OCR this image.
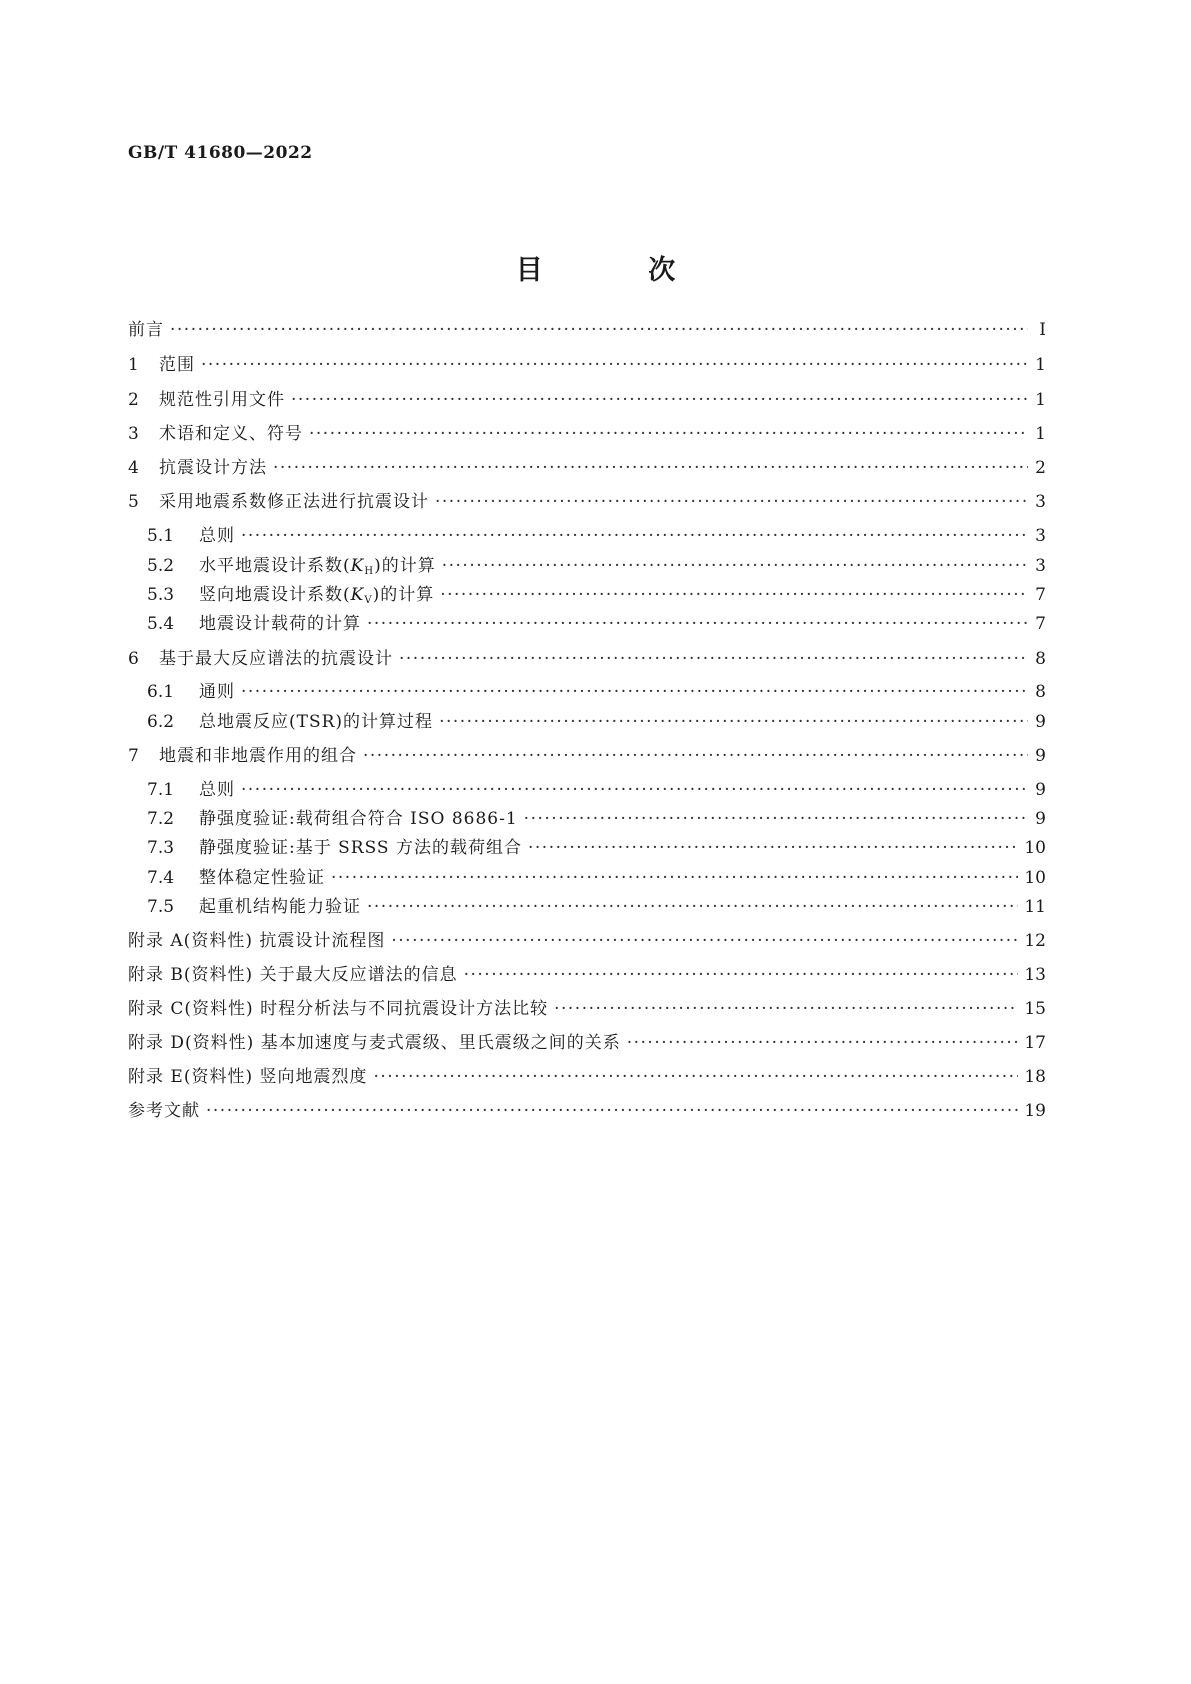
GB/T 41680—2022
目 次
前言 ·····	Ⅰ
1	范围 ·····	1
2	规范性引用文件 ·····	1
3	术语和定义、符号 ·····	1
4	抗震设计方法 ·····	2
5	采用地震系数修正法进行抗震设计 ·····	3
5.1	总则 ·····	3
5.2	水平地震设计系数$(K_H)$的计算 ·····	3
5.3	竖向地震设计系数$(K_V)$的计算 ·····	7
5.4	地震设计载荷的计算 ·····	7
6	基于最大反应谱法的抗震设计 ·····	8
6.1	通则 ·····	8
6.2	总地震反应(TSR)的计算过程 ·····	9
7	地震和非地震作用的组合 ·····	9
7.1	总则 ·····	9
7.2	静强度验证:载荷组合符合 ISO 8686-1 ·····	9
7.3	静强度验证:基于 SRSS 方法的载荷组合 ·····	10
7.4	整体稳定性验证 ·····	10
7.5	起重机结构能力验证 ·····	11
附录 A(资料性) 抗震设计流程图 ·····	12
附录 B(资料性) 关于最大反应谱法的信息 ·····	13
附录 C(资料性) 时程分析法与不同抗震设计方法比较 ·····	15
附录 D(资料性) 基本加速度与麦式震级、里氏震级之间的关系 ·····	17
附录 E(资料性) 竖向地震烈度 ·····	18
参考文献 ·····	19
